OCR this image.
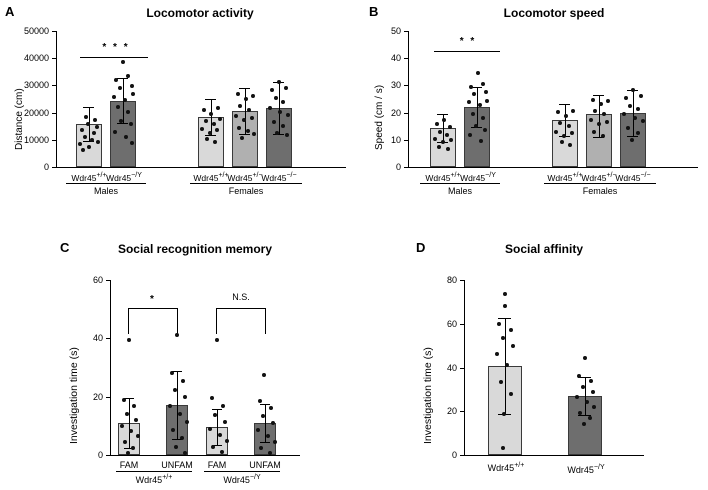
A	Locomotor activity
Distance (cm)
0
10000
20000
30000
40000
50000
* * *
Wdr45+/+ $Wdr45^{-/Y}$	Wdr45+/+
Wdr45+/−
Wdr45−/−
Males	Females
B	Locomotor speed
Speed (cm / s)
0
10
20
30
40
50
* *
Wdr45+/+ $Wdr45^{-/Y}$	Wdr45+/+
Wdr45+/−
Wdr45−/−
Males	Females
C	Social recognition memory
Investigation time (s)
0
20
40
60
*	N.S.
FAM	UNFAM	FAM	UNFAM
Wdr45+/+	$Wdr45^{-/Y}$
D	Social affinity
Investigation time (s)
0
20
40
60
80
Wdr45+/+	$Wdr45^{-/Y}$
